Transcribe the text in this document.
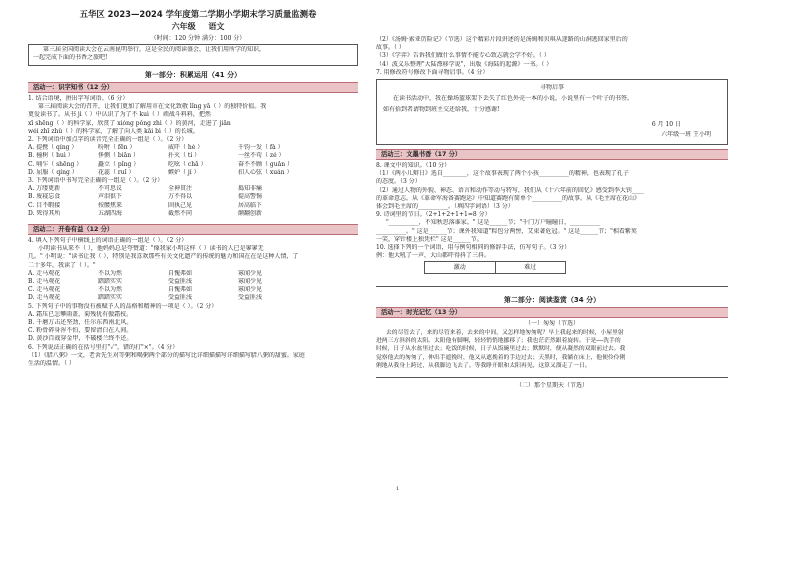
五华区 2023—2024 学年度第二学期小学期末学习质量监测卷
六年级 语文
（时间：120 分钟 满分：100 分）
第三届全国阅读大会在云南昆明举行，这是全民的阅读盛会，让我们用所学的知识，
一起完成下面的书香之旅吧!
第一部分：积累运用（41 分）
活动一：识字知书（12 分）
1. 结合语境，拼出字写词语。（6 分）
第三届阅读大会的召开，让我们更加了解用市在文化致敬 lǐng yā（ ）的独特价值。我
更爱读书了。从书 jì（ ）中认识了为了不 kuì（ ）顽战斗料料，把然
xī shēng（ ）的科学家，欣赏了 xióng pǒng zhì（ ）的黄河，走进了 jiān
wéi zhī zhǔ（ ）的科学家，了解了向人类 kāi bì（ ）的长城。
2. 下列词语中加点字的读音完全正确的一组是（ ）。（2 分）
A. 提携（ qíng ）	吩咐（ fēn ）	威吓（ hè ）	千钧一发（ fà ）
B. 撞树（ huì ）	侈侧（ biān ）	扑灭（ tí ）	一丝不苟（ zé ）
C. 哺乍（ shēng ）	矗立（ pǐng ）	吃吆（ chā ）	奋不不顾（ guǎn ）
D. 屈服（ qíng ）	花蕊（ ruǐ ）	嫉妒（ jí ）	扣人心弦（ xuán ）
3. 下列词语中书写完全正确的一组是（ ）。（2 分）
A. 万缕更新	不可思议	全神贯注	捣知非痛
B. 废寝忘食	声泪俱下	万不得以	提高警惕
C. 目不暇接	按髅焦来	固执己见	居高临下
D. 死得其所	五湖四海	截然不同	颠翻创新
活动二：开卷有益（12 分）
4. 填入下列句子中横线上的词语正确的一组是（ ）。（2 分）
小明读书从来不（ ），他妈妈总是夸赞道："像我家小明这样（ ）读书的人已是寥寥无
几。" 小明说："读书让我（ ），特别是我喜欢那些有关文化遗产的传统的魅力和国在在是这种人情，了
二十多年，我读了（ ）。"
A. 走马观花	不以为然	自愧弗如	寡闻少见
B. 走马观花	踏踏实实	受益匪浅	寡闻少见
C. 走马观花	不以为然	自愧弗如	寡闻少见
D. 走马观花	踏踏实实	受益匪浅	受益匪浅
5. 下列句子中的事物没有被赋予人的品格和精神的一项是（ ）。（2 分）
A. 霜压已怎攀雨盖，菊残犹有傲霜枝。
B. 千磨万击还坚劲，任尔东西南北风。
C. 粉骨碎身浑不怕，要留清白在人间。
D. 黄沙百战穿金甲，不破楼兰终不还。
6. 下列说法正确的在括号里打"✓"，错的打"×"。（4 分）
（1）《腊八粥》一文，老舍先生对等粥和喝粥两个部分的描写比详细描描写详细描写腊八粥的甜蜜。家庭
生活的温情。（ ）
（2）《汤姆·索亚历险记》（节选）这个精彩片段讲述的是汤姆和贝琪从迷路的山洞逃回家里后的
故事。（ ）
（3）《学弈》告诉我们做什么事情不能专心致志就会学不好。（ ）
（4）波义乐整理"大陆漂移学说"，出版《海陆的起源》一书。（ ）
7. 用修改符号修改下面寻物启事。（4 分）
寻物启事
在读书活动中，我在操场篮球架下丢失了红色外壳一本的小说，小说里有一个叶子的书签。
如有拾到者请物到班主交还给我，十分感谢!
6 月 10 日
六年级一班 王小明
活动三：文墨书香（17 分）
8. 课文中的知识。（10 分）
（1）《两小儿辩日》选自________，这个故事表现了两个小孩__________的精神，也表现了孔子
的态度。（3 分）
（2）通过人物的外貌、神态、语言和动作等动与特写，我们从《十六年前的回忆》感受到李大钊____
的革命意志。从《革命军海备赛跑运》中知道赛跑有简单个__________的故事。从《毛主席在花山》
体会到毛主席的__________。（填四字词语）（3 分）
9. 诗词里的节日。（2+1+2+1+1=8 分）
"__________，不知秋思落谁家。" 这是______节；"千门万户瞳瞳日，__________
__________。" 这是______节；课外我知道"粽包分两髻，艾束著危冠。" 这是______节；"相看紫荚
一笑，穿针楼上独凭栏" 这是______节。
10. 选择下列的一个词语，用与例句相同的修辞手法，仿写句子。（3 分）
例：他大吼了一声，大山都吓得抖了三抖。
激动	难过
第二部分：阅读鉴赏（34 分）
活动一：时光记忆（13 分）
（一）匆匆（节选）
去的尽管去了，来的尽管来着，去来的中间，又怎样地匆匆呢？早上我起来的时候，小屋里射
进两三方斜斜的太阳。太阳他有脚啊，轻轻悄悄地挪移了；我也茫茫然跟着旋转。于是——洗手的
时候，日子从水盆里过去；吃饭的时候，日子从饭碗里过去；默默时，便从凝然的双眼前过去。我
觉察他去的匆匆了，伸出手遮挽时，他又从遮挽着的手边过去；天黑时，我躺在床上，他便伶伶俐
俐地从我身上跨过，从我脚边飞去了。等我睁开眼和太阳再见，这算又溜走了一日。
（二）那个星期天（节选）
1
